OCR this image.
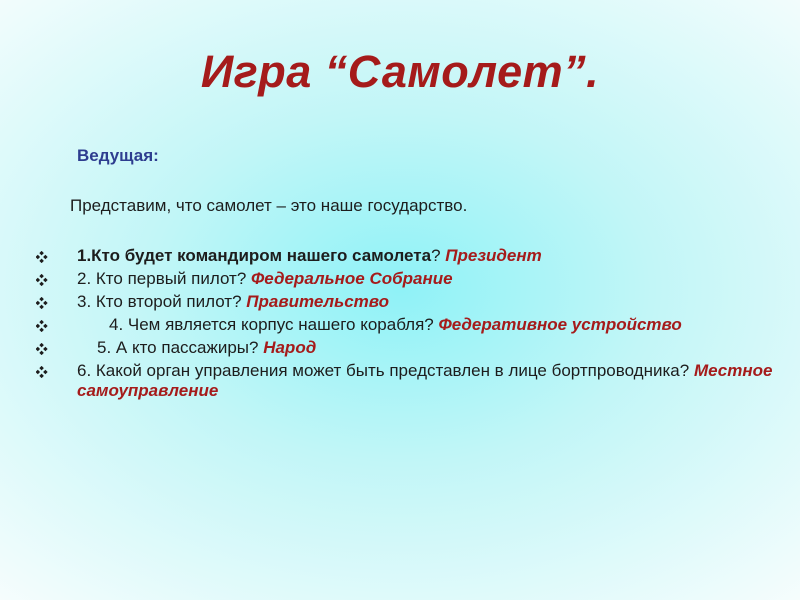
Игра “Самолет”.
Ведущая:
Представим, что самолет – это наше государство.
1.Кто будет командиром нашего самолета? Президент
2. Кто первый пилот? Федеральное Собрание
3. Кто второй пилот? Правительство
4. Чем является корпус нашего корабля? Федеративное устройство
5. А кто пассажиры? Народ
6. Какой орган управления может быть представлен в лице бортпроводника? Местное самоуправление
